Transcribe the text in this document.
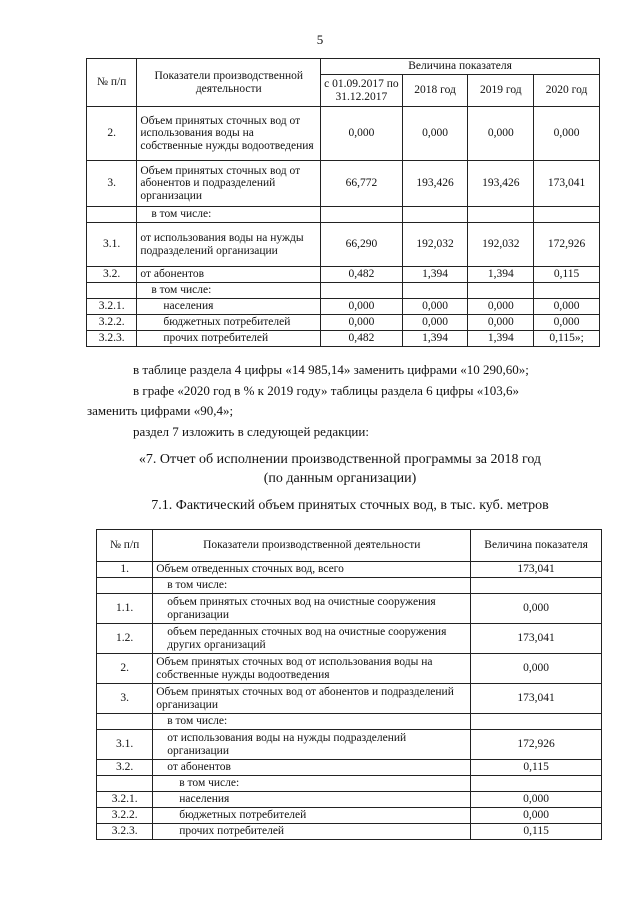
5
№ п/п	Показатели производственной деятельности	Величина показателя			
		с 01.09.2017 по 31.12.2017	2018 год	2019 год	2020 год
2.	Объем принятых сточных вод от использования воды на собственные нужды водоотведения	0,000	0,000	0,000	0,000
3.	Объем принятых сточных вод от абонентов и подразделений организации	66,772	193,426	193,426	173,041
	в том числе:				
3.1.	от использования воды на нужды подразделений организации	66,290	192,032	192,032	172,926
3.2.	от абонентов	0,482	1,394	1,394	0,115
	в том числе:				
3.2.1.	населения	0,000	0,000	0,000	0,000
3.2.2.	бюджетных потребителей	0,000	0,000	0,000	0,000
3.2.3.	прочих потребителей	0,482	1,394	1,394	0,115»;
в таблице раздела 4 цифры «14 985,14» заменить цифрами «10 290,60»;
в графе «2020 год в % к 2019 году» таблицы раздела 6 цифры «103,6»
заменить цифрами «90,4»;
раздел 7 изложить в следующей редакции:
«7. Отчет об исполнении производственной программы за 2018 год
(по данным организации)
7.1. Фактический объем принятых сточных вод, в тыс. куб. метров
№ п/п	Показатели производственной деятельности	Величина показателя
1.	Объем отведенных сточных вод, всего	173,041
	в том числе:	
1.1.	объем принятых сточных вод на очистные сооружения организации	0,000
1.2.	объем переданных сточных вод на очистные сооружения других организаций	173,041
2.	Объем принятых сточных вод от использования воды на собственные нужды водоотведения	0,000
3.	Объем принятых сточных вод от абонентов и подразделений организации	173,041
	в том числе:	
3.1.	от использования воды на нужды подразделений организации	172,926
3.2.	от абонентов	0,115
	в том числе:	
3.2.1.	населения	0,000
3.2.2.	бюджетных потребителей	0,000
3.2.3.	прочих потребителей	0,115
